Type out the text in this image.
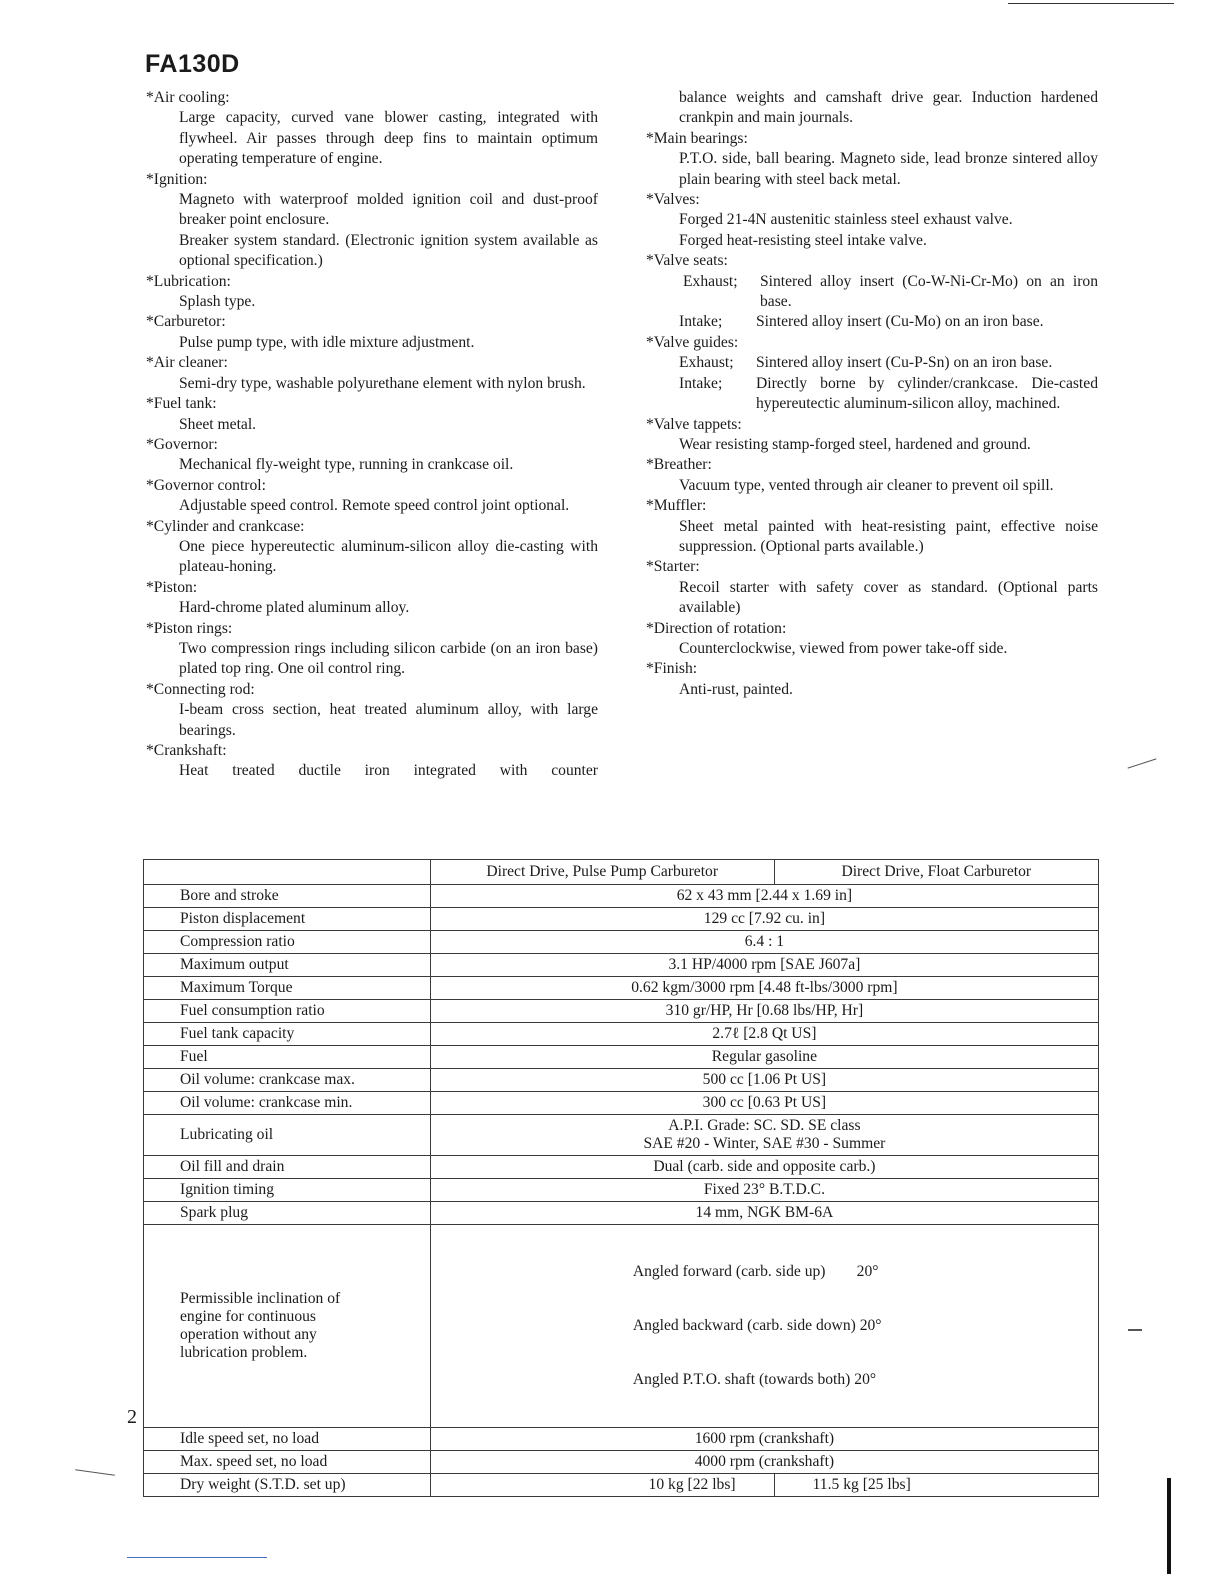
FA130D
*Air cooling:
Large capacity, curved vane blower casting, integrated with flywheel. Air passes through deep fins to maintain optimum operating temperature of engine.
*Ignition:
Magneto with waterproof molded ignition coil and dust-proof breaker point enclosure.
Breaker system standard. (Electronic ignition system available as optional specification.)
*Lubrication:
Splash type.
*Carburetor:
Pulse pump type, with idle mixture adjustment.
*Air cleaner:
Semi-dry type, washable polyurethane element with nylon brush.
*Fuel tank:
Sheet metal.
*Governor:
Mechanical fly-weight type, running in crankcase oil.
*Governor control:
Adjustable speed control. Remote speed control joint optional.
*Cylinder and crankcase:
One piece hypereutectic aluminum-silicon alloy die-casting with plateau-honing.
*Piston:
Hard-chrome plated aluminum alloy.
*Piston rings:
Two compression rings including silicon carbide (on an iron base) plated top ring. One oil control ring.
*Connecting rod:
I-beam cross section, heat treated aluminum alloy, with large bearings.
*Crankshaft:
Heat treated ductile iron integrated with counter
balance weights and camshaft drive gear. Induction hardened crankpin and main journals.
*Main bearings:
P.T.O. side, ball bearing. Magneto side, lead bronze sintered alloy plain bearing with steel back metal.
*Valves:
Forged 21-4N austenitic stainless steel exhaust valve.
Forged heat-resisting steel intake valve.
*Valve seats:
Exhaust;	Sintered alloy insert (Co-W-Ni-Cr-Mo) on an iron base.
Intake;	Sintered alloy insert (Cu-Mo) on an iron base.
*Valve guides:
Exhaust;	Sintered alloy insert (Cu-P-Sn) on an iron base.
Intake;	Directly borne by cylinder/crankcase. Die-casted hypereutectic aluminum-silicon alloy, machined.
*Valve tappets:
Wear resisting stamp-forged steel, hardened and ground.
*Breather:
Vacuum type, vented through air cleaner to prevent oil spill.
*Muffler:
Sheet metal painted with heat-resisting paint, effective noise suppression. (Optional parts available.)
*Starter:
Recoil starter with safety cover as standard. (Optional parts available)
*Direction of rotation:
Counterclockwise, viewed from power take-off side.
*Finish:
Anti-rust, painted.
	Direct Drive, Pulse Pump Carburetor	Direct Drive, Float Carburetor
Bore and stroke	62 x 43 mm [2.44 x 1.69 in]	
Piston displacement	129 cc [7.92 cu. in]	
Compression ratio	6.4 : 1	
Maximum output	3.1 HP/4000 rpm [SAE J607a]	
Maximum Torque	0.62 kgm/3000 rpm [4.48 ft-lbs/3000 rpm]	
Fuel consumption ratio	310 gr/HP, Hr [0.68 lbs/HP, Hr]	
Fuel tank capacity	2.7ℓ [2.8 Qt US]	
Fuel	Regular gasoline	
Oil volume: crankcase max.	500 cc [1.06 Pt US]	
Oil volume: crankcase min.	300 cc [0.63 Pt US]	
Lubricating oil	A.P.I. Grade: SC. SD. SE class
SAE #20 - Winter, SAE #30 - Summer	

Oil fill and drain	Dual (carb. side and opposite carb.)	
Ignition timing	Fixed 23° B.T.D.C.	
Spark plug	14 mm, NGK BM-6A	

Permissible inclination of
engine for continuous
operation without any
lubrication problem.	Angled forward (carb. side up)        20°

Angled backward (carb. side down) 20°

Angled P.T.O. shaft (towards both) 20°	

Idle speed set, no load	1600 rpm (crankshaft)	
Max. speed set, no load	4000 rpm (crankshaft)	
Dry weight (S.T.D. set up)	10 kg [22 lbs]	11.5 kg [25 lbs]
2
